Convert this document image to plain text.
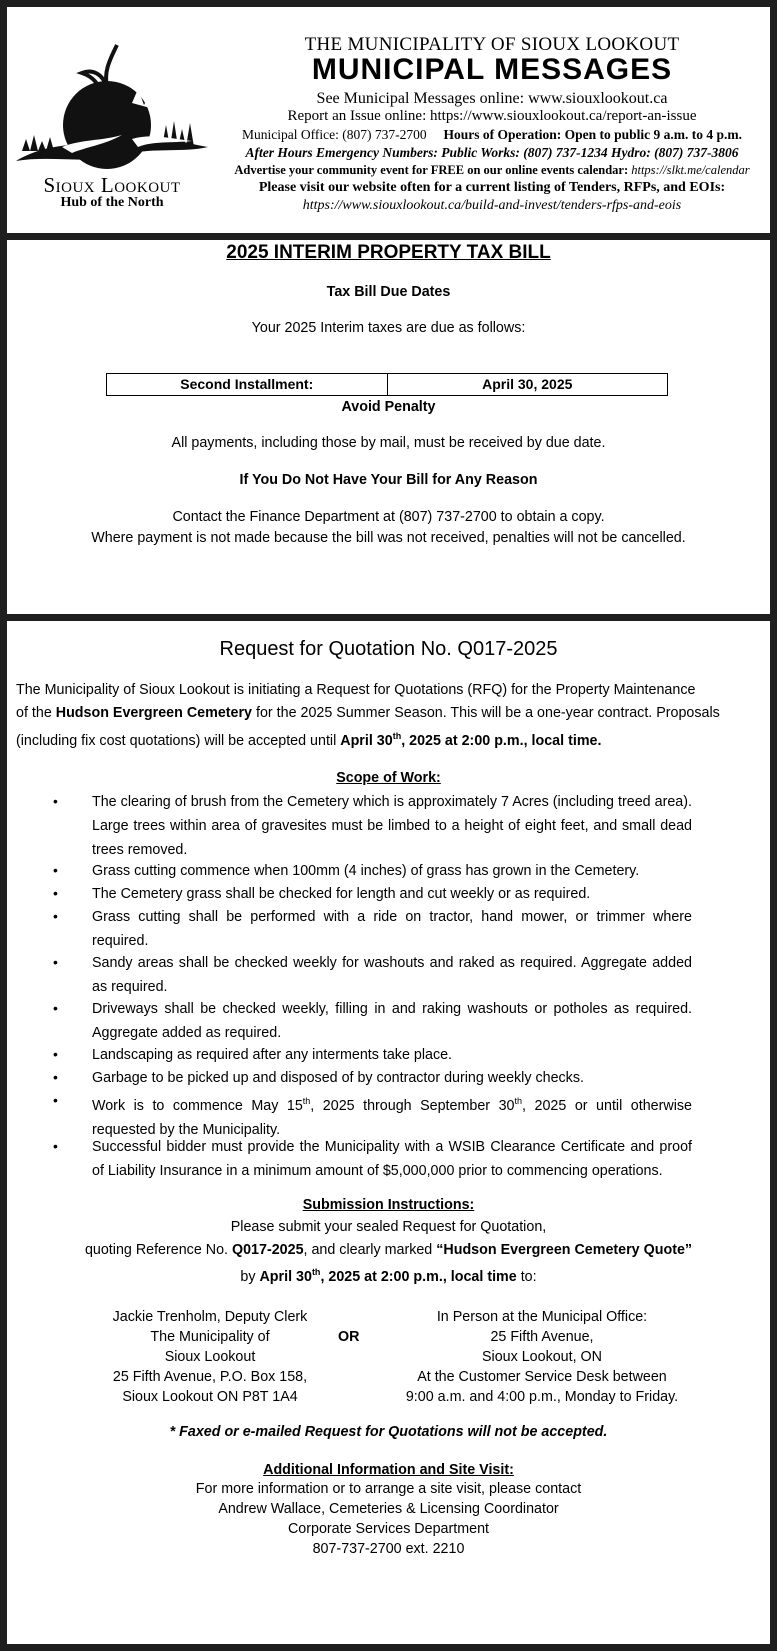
Sioux Lookout
Hub of the North
THE MUNICIPALITY OF SIOUX LOOKOUT
MUNICIPAL MESSAGES
See Municipal Messages online: www.siouxlookout.ca
Report an Issue online: https://www.siouxlookout.ca/report-an-issue
Municipal Office: (807) 737-2700 Hours of Operation: Open to public 9 a.m. to 4 p.m.
After Hours Emergency Numbers: Public Works: (807) 737-1234 Hydro: (807) 737-3806
Advertise your community event for FREE on our online events calendar: https://slkt.me/calendar
Please visit our website often for a current listing of Tenders, RFPs, and EOIs:
https://www.siouxlookout.ca/build-and-invest/tenders-rfps-and-eois
2025 INTERIM PROPERTY TAX BILL
Tax Bill Due Dates
Your 2025 Interim taxes are due as follows:
Second Installment:	April 30, 2025
Avoid Penalty
All payments, including those by mail, must be received by due date.
If You Do Not Have Your Bill for Any Reason
Contact the Finance Department at (807) 737-2700 to obtain a copy.
Where payment is not made because the bill was not received, penalties will not be cancelled.
Request for Quotation No. Q017-2025
The Municipality of Sioux Lookout is initiating a Request for Quotations (RFQ) for the Property Maintenance
of the Hudson Evergreen Cemetery for the 2025 Summer Season. This will be a one-year contract. Proposals
(including fix cost quotations) will be accepted until April 30th, 2025 at 2:00 p.m., local time.
Scope of Work:
• The clearing of brush from the Cemetery which is approximately 7 Acres (including treed area). Large trees within area of gravesites must be limbed to a height of eight feet, and small dead trees removed.
• Grass cutting commence when 100mm (4 inches) of grass has grown in the Cemetery.
• The Cemetery grass shall be checked for length and cut weekly or as required.
• Grass cutting shall be performed with a ride on tractor, hand mower, or trimmer where required.
• Sandy areas shall be checked weekly for washouts and raked as required. Aggregate added as required.
• Driveways shall be checked weekly, filling in and raking washouts or potholes as required. Aggregate added as required.
• Landscaping as required after any interments take place.
• Garbage to be picked up and disposed of by contractor during weekly checks.
• Work is to commence May 15th, 2025 through September 30th, 2025 or until otherwise requested by the Municipality.
• Successful bidder must provide the Municipality with a WSIB Clearance Certificate and proof of Liability Insurance in a minimum amount of $5,000,000 prior to commencing operations.
Submission Instructions:
Please submit your sealed Request for Quotation,
quoting Reference No. Q017-2025, and clearly marked “Hudson Evergreen Cemetery Quote”
by April 30th, 2025 at 2:00 p.m., local time to:
Jackie Trenholm, Deputy Clerk
The Municipality of
Sioux Lookout
25 Fifth Avenue, P.O. Box 158,
Sioux Lookout ON P8T 1A4
OR
In Person at the Municipal Office:
25 Fifth Avenue,
Sioux Lookout, ON
At the Customer Service Desk between
9:00 a.m. and 4:00 p.m., Monday to Friday.
* Faxed or e-mailed Request for Quotations will not be accepted.
Additional Information and Site Visit:
For more information or to arrange a site visit, please contact
Andrew Wallace, Cemeteries & Licensing Coordinator
Corporate Services Department
807-737-2700 ext. 2210
